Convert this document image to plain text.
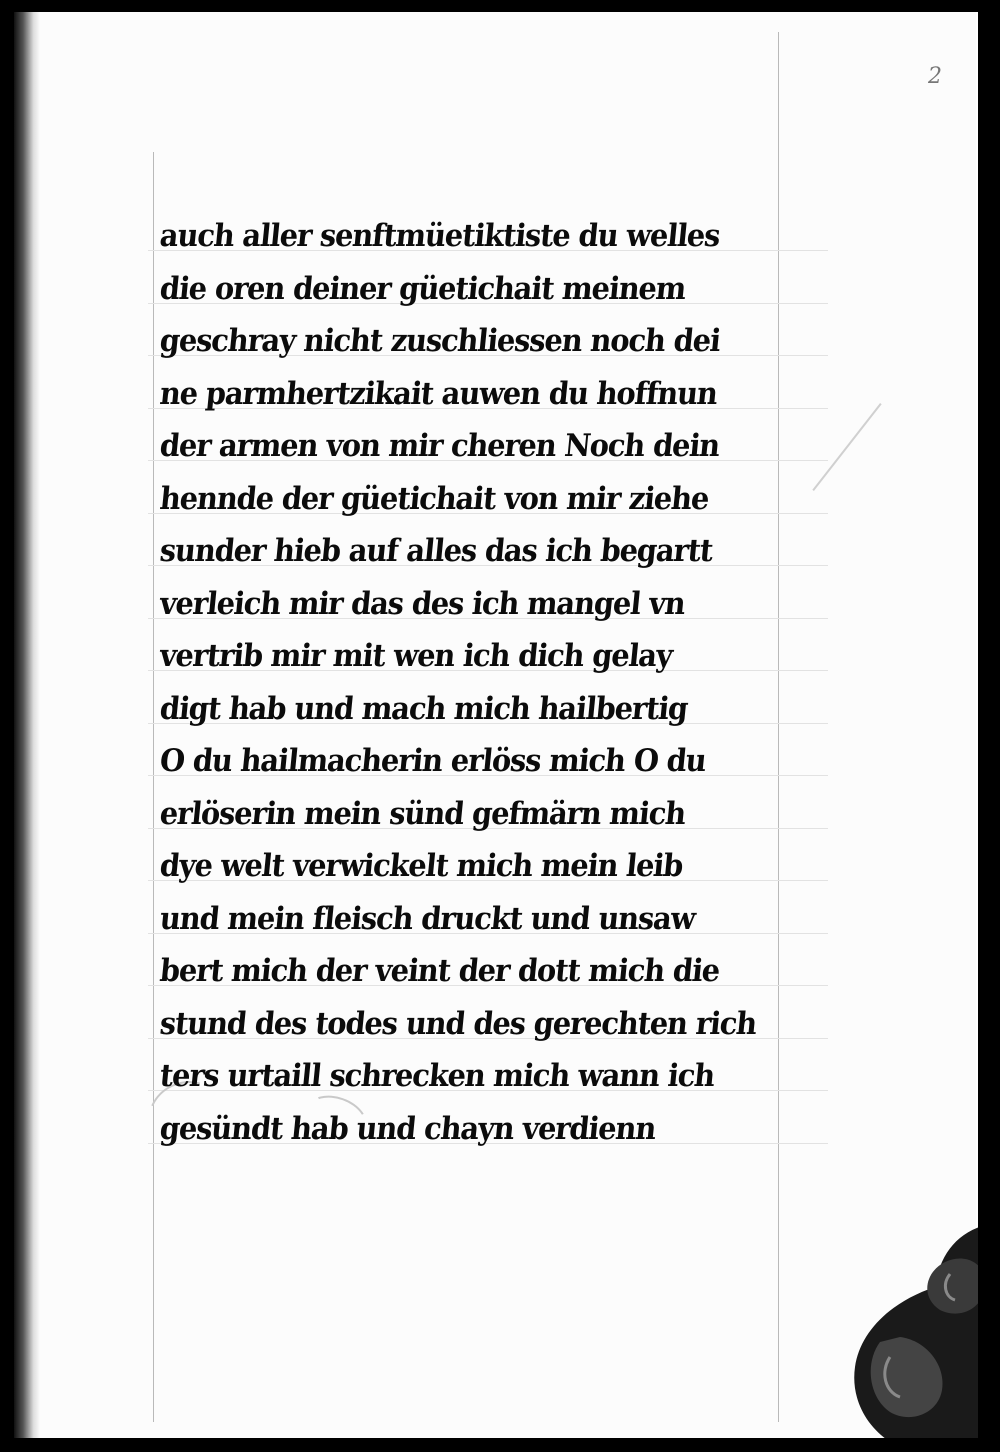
2
auch aller senftmüetiktiste du welles
die oren deiner güetichait meinem
geschray nicht zuschliessen noch dei
ne parmhertzikait auwen du hoffnun
der armen von mir cheren Noch dein
hennde der güetichait von mir ziehe
sunder hieb auf alles das ich begartt
verleich mir das des ich mangel vn
vertrib mir mit wen ich dich gelay
digt hab und mach mich hailbertig
O du hailmacherin erlöss mich O du
erlöserin mein sünd gefmärn mich
dye welt verwickelt mich mein leib
und mein fleisch druckt und unsaw
bert mich der veint der dott mich die
stund des todes und des gerechten rich
ters urtaill schrecken mich wann ich
gesündt hab und chayn verdienn
